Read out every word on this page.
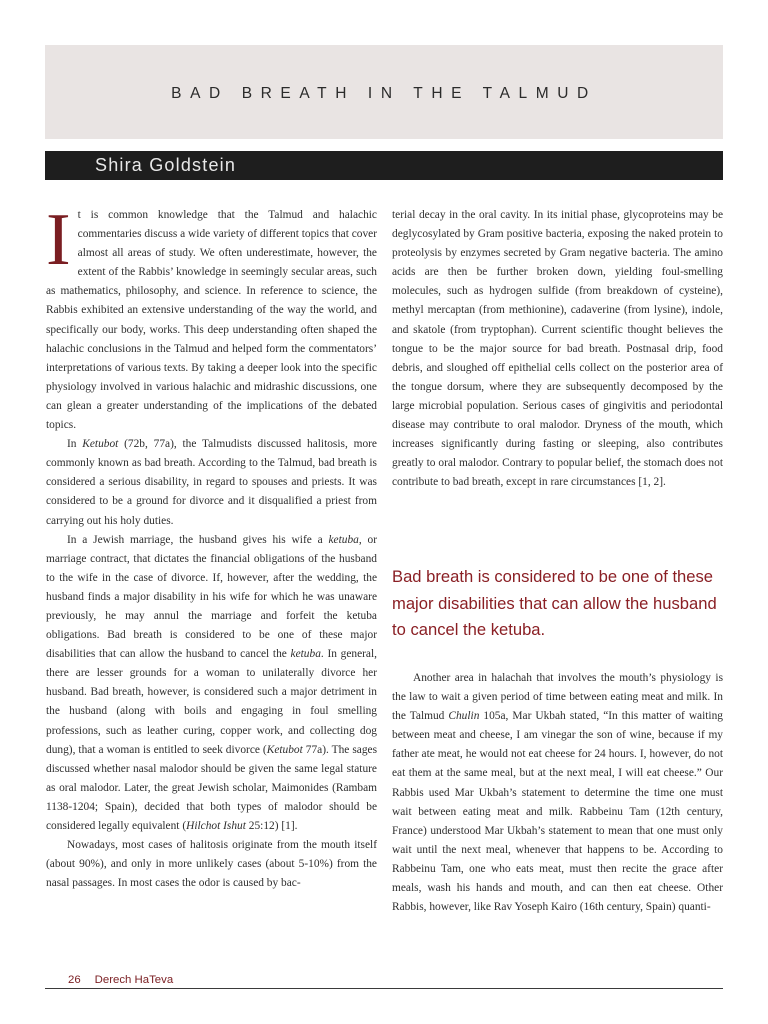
BAD BREATH IN THE TALMUD
Shira Goldstein

It is common knowledge that the Talmud and halachic commentaries discuss a wide variety of different topics that cover almost all areas of study. We often underestimate, however, the extent of the Rabbis’ knowledge in seemingly secular areas, such as mathematics, philosophy, and science. In reference to science, the Rabbis exhibited an extensive understanding of the way the world, and specifically our body, works. This deep understanding often shaped the halachic conclusions in the Talmud and helped form the commentators’ interpretations of various texts. By taking a deeper look into the specific physiology involved in various halachic and midrashic discussions, one can glean a greater understanding of the implications of the debated topics.

In Ketubot (72b, 77a), the Talmudists discussed halitosis, more commonly known as bad breath. According to the Talmud, bad breath is considered a serious disability, in regard to spouses and priests. It was considered to be a ground for divorce and it disqualified a priest from carrying out his holy duties.

In a Jewish marriage, the husband gives his wife a ketuba, or marriage contract, that dictates the financial obligations of the husband to the wife in the case of divorce. If, however, after the wedding, the husband finds a major disability in his wife for which he was unaware previously, he may annul the marriage and forfeit the ketuba obligations. Bad breath is considered to be one of these major disabilities that can allow the husband to cancel the ketuba. In general, there are lesser grounds for a woman to unilaterally divorce her husband. Bad breath, however, is considered such a major detriment in the husband (along with boils and engaging in foul smelling professions, such as leather curing, copper work, and collecting dog dung), that a woman is entitled to seek divorce (Ketubot 77a). The sages discussed whether nasal malodor should be given the same legal stature as oral malodor. Later, the great Jewish scholar, Maimonides (Rambam 1138-1204; Spain), decided that both types of malodor should be considered legally equivalent (Hilchot Ishut 25:12) [1].

Nowadays, most cases of halitosis originate from the mouth itself (about 90%), and only in more unlikely cases (about 5-10%) from the nasal passages. In most cases the odor is caused by bac-

terial decay in the oral cavity. In its initial phase, glycoproteins may be deglycosylated by Gram positive bacteria, exposing the naked protein to proteolysis by enzymes secreted by Gram negative bacteria. The amino acids are then be further broken down, yielding foul-smelling molecules, such as hydrogen sulfide (from breakdown of cysteine), methyl mercaptan (from methionine), cadaverine (from lysine), indole, and skatole (from tryptophan). Current scientific thought believes the tongue to be the major source for bad breath. Postnasal drip, food debris, and sloughed off epithelial cells collect on the posterior area of the tongue dorsum, where they are subsequently decomposed by the large microbial population. Serious cases of gingivitis and periodontal disease may contribute to oral malodor. Dryness of the mouth, which increases significantly during fasting or sleeping, also contributes greatly to oral malodor. Contrary to popular belief, the stomach does not contribute to bad breath, except in rare circumstances [1, 2].

Bad breath is considered to be one of these major disabilities that can allow the husband to cancel the ketuba.

Another area in halachah that involves the mouth’s physiology is the law to wait a given period of time between eating meat and milk. In the Talmud Chulin 105a, Mar Ukbah stated, “In this matter of waiting between meat and cheese, I am vinegar the son of wine, because if my father ate meat, he would not eat cheese for 24 hours. I, however, do not eat them at the same meal, but at the next meal, I will eat cheese.” Our Rabbis used Mar Ukbah’s statement to determine the time one must wait between eating meat and milk. Rabbeinu Tam (12th century, France) understood Mar Ukbah’s statement to mean that one must only wait until the next meal, whenever that happens to be. According to Rabbeinu Tam, one who eats meat, must then recite the grace after meals, wash his hands and mouth, and can then eat cheese. Other Rabbis, however, like Rav Yoseph Kairo (16th century, Spain) quanti-

26 Derech HaTeva
